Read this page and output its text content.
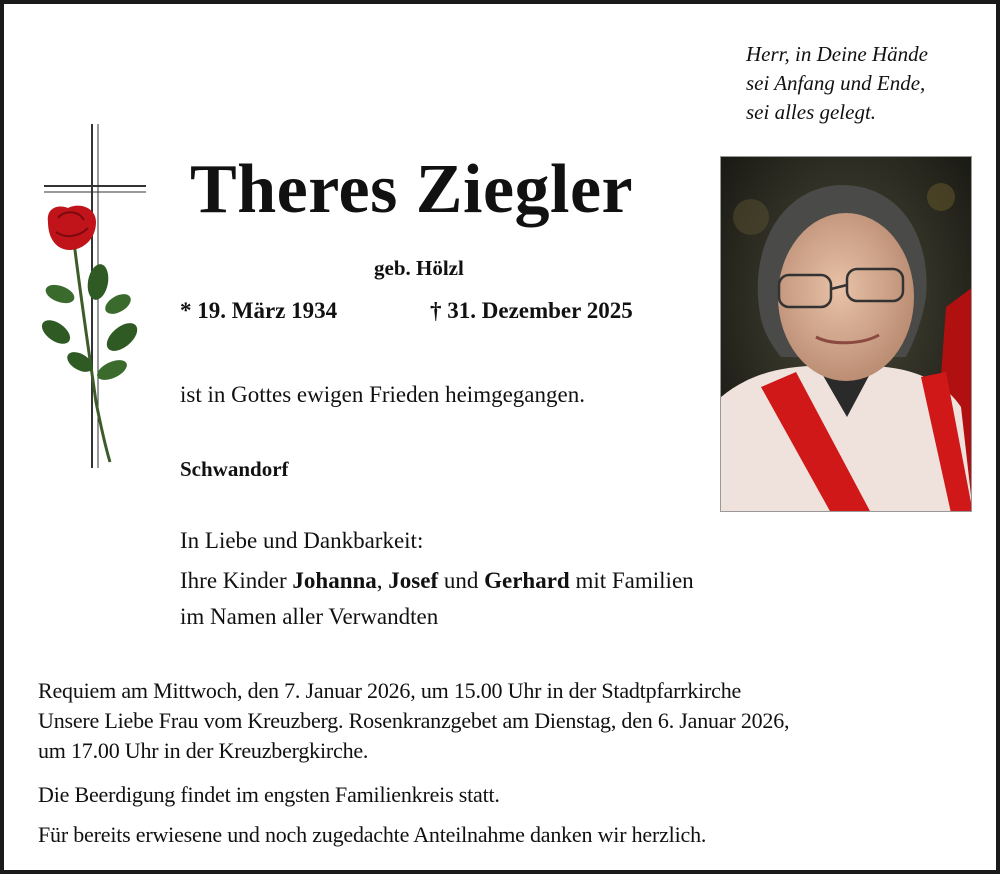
Herr, in Deine Hände
sei Anfang und Ende,
sei alles gelegt.
Theres Ziegler
geb. Hölzl
* 19. März 1934	† 31. Dezember 2025
ist in Gottes ewigen Frieden heimgegangen.
Schwandorf
In Liebe und Dankbarkeit:
Ihre Kinder Johanna, Josef und Gerhard mit Familien
im Namen aller Verwandten
Requiem am Mittwoch, den 7. Januar 2026, um 15.00 Uhr in der Stadtpfarrkirche
Unsere Liebe Frau vom Kreuzberg. Rosenkranzgebet am Dienstag, den 6. Januar 2026,
um 17.00 Uhr in der Kreuzbergkirche.
Die Beerdigung findet im engsten Familienkreis statt.
Für bereits erwiesene und noch zugedachte Anteilnahme danken wir herzlich.
